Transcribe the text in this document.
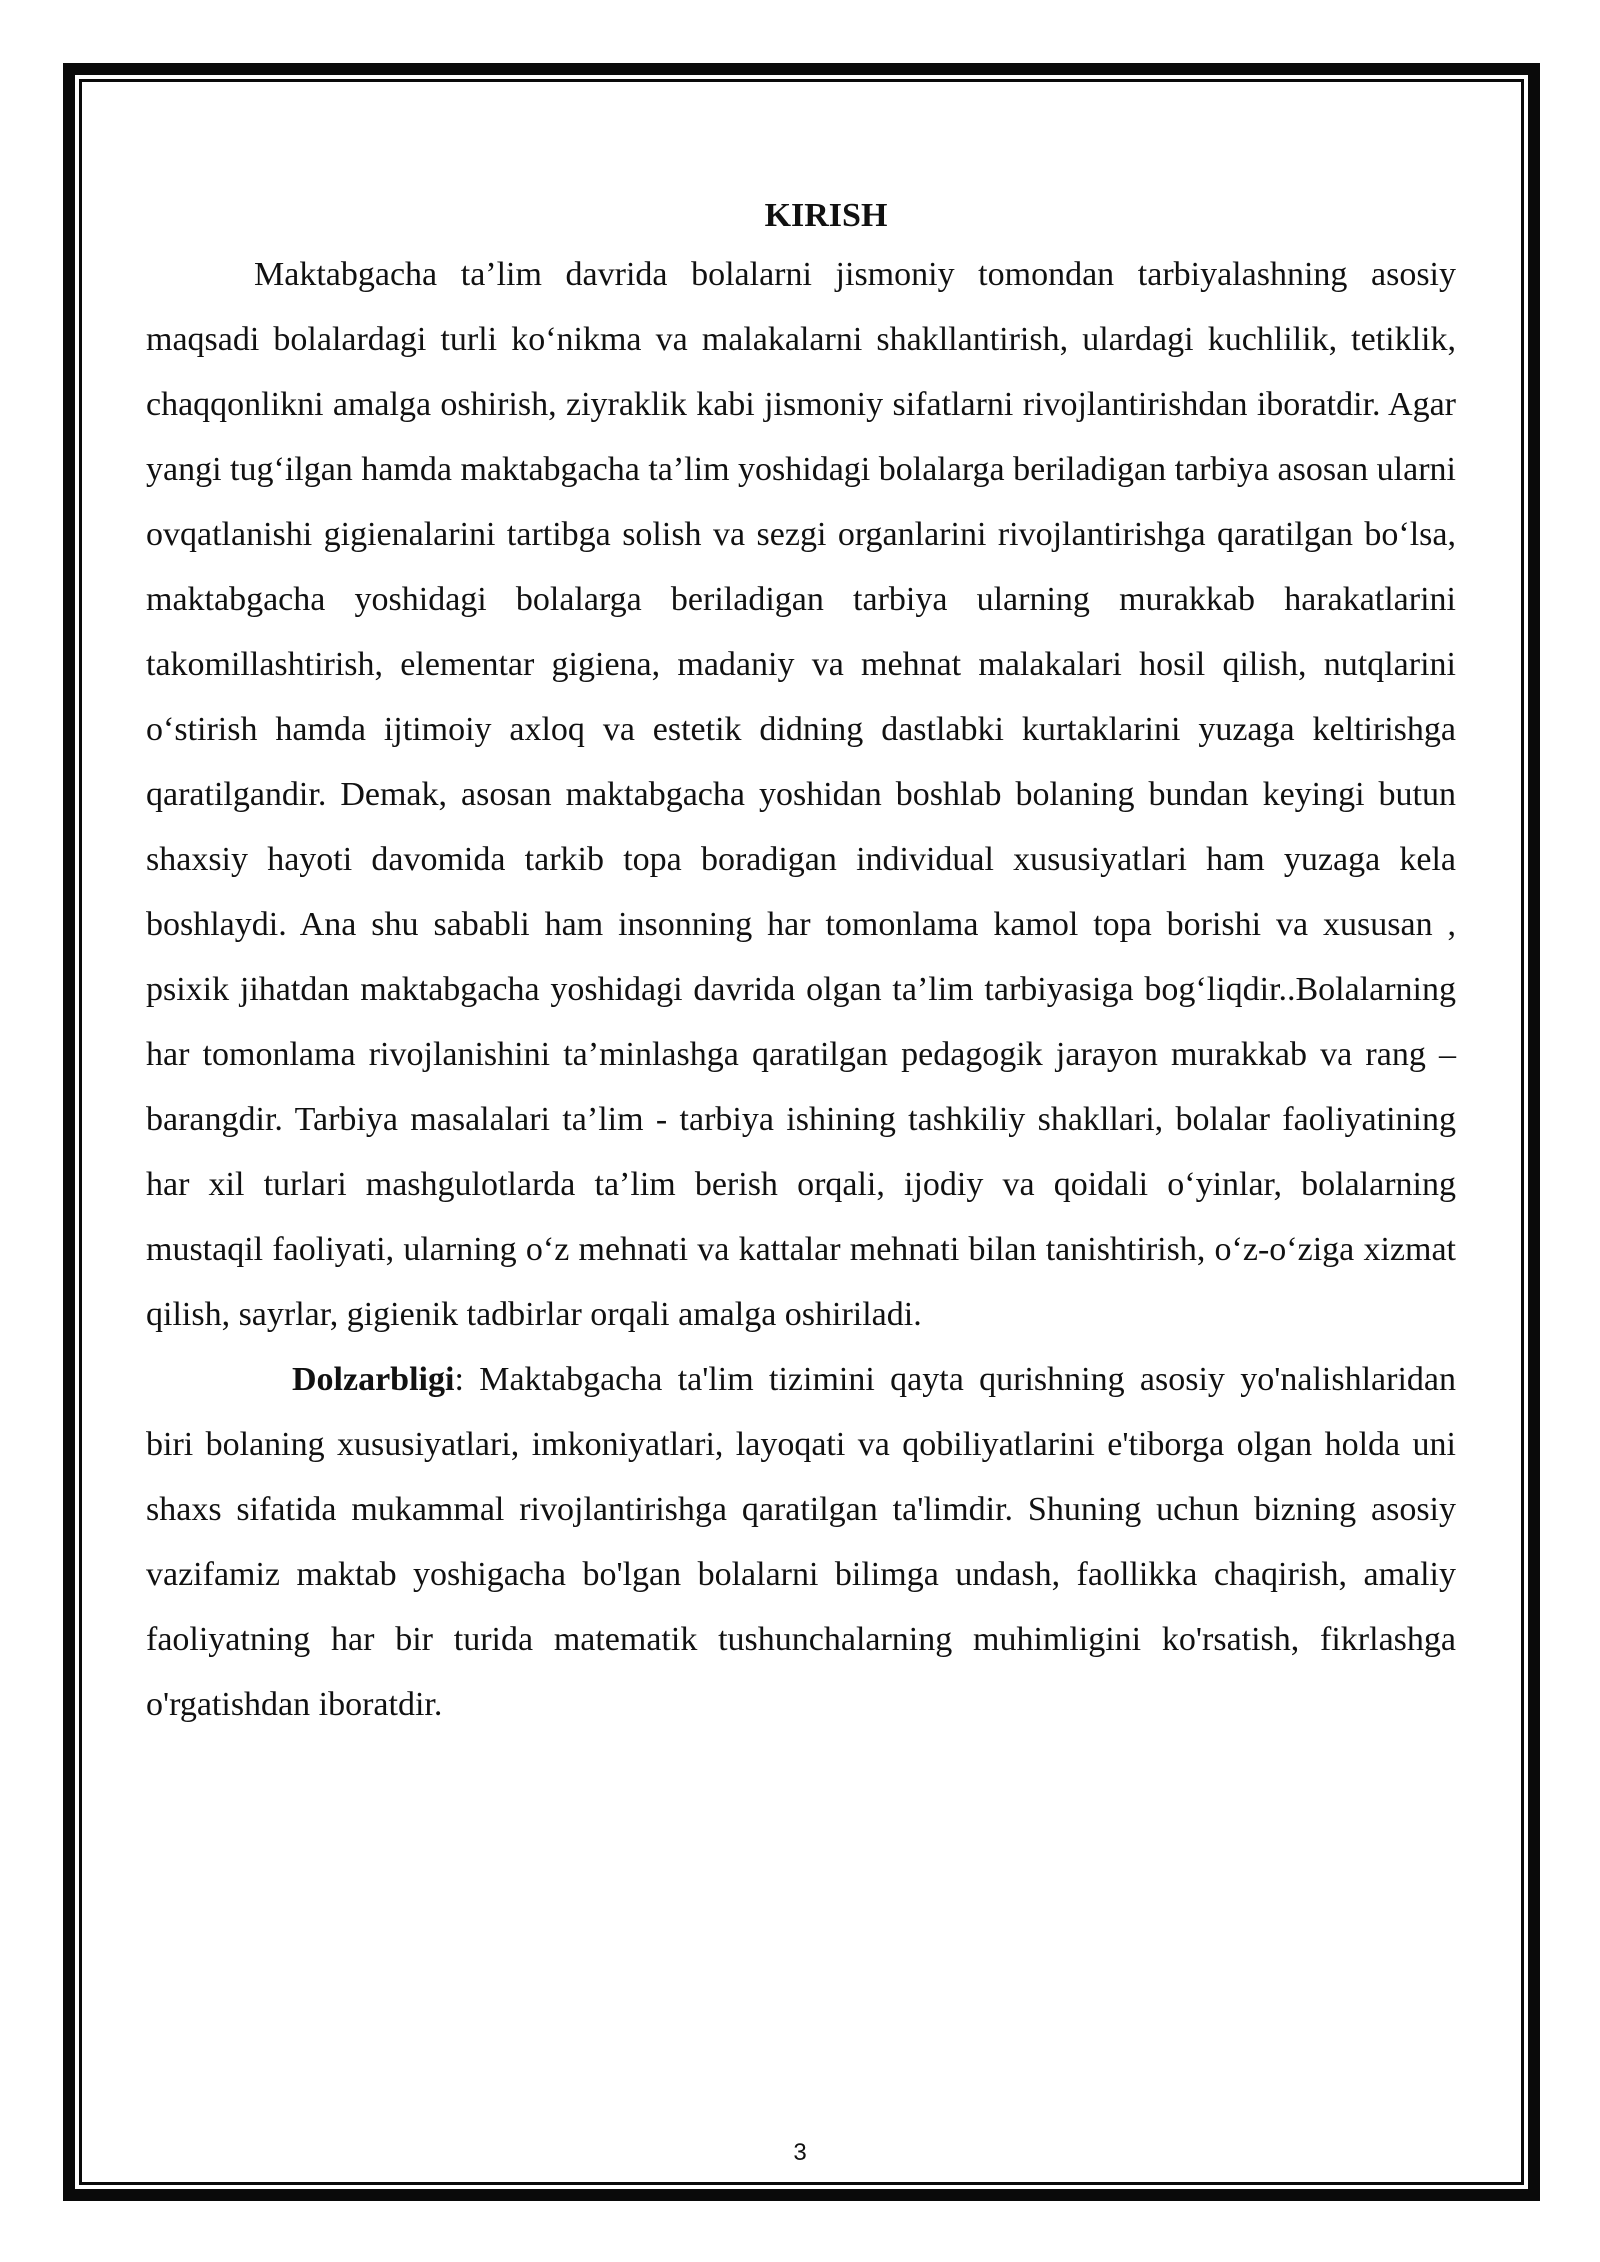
KIRISH

Maktabgacha ta’lim davrida bolalarni jismoniy tomondan tarbiyalashning asosiy maqsadi bolalardagi turli ko‘nikma va malakalarni shakllantirish, ulardagi kuchlilik, tetiklik, chaqqonlikni amalga oshirish, ziyraklik kabi jismoniy sifatlarni rivojlantirishdan iboratdir. Agar yangi tug‘ilgan hamda maktabgacha ta’lim yoshidagi bolalarga beriladigan tarbiya asosan ularni ovqatlanishi gigienalarini tartibga solish va sezgi organlarini rivojlantirishga qaratilgan bo‘lsa, maktabgacha yoshidagi bolalarga beriladigan tarbiya ularning murakkab harakatlarini takomillashtirish, elementar gigiena, madaniy va mehnat malakalari hosil qilish, nutqlarini o‘stirish hamda ijtimoiy axloq va estetik didning dastlabki kurtaklarini yuzaga keltirishga qaratilgandir. Demak, asosan maktabgacha yoshidan boshlab bolaning bundan keyingi butun shaxsiy hayoti davomida tarkib topa boradigan individual xususiyatlari ham yuzaga kela boshlaydi. Ana shu sababli ham insonning har tomonlama kamol topa borishi va xususan , psixik jihatdan maktabgacha yoshidagi davrida olgan ta’lim tarbiyasiga bog‘liqdir..Bolalarning har tomonlama rivojlanishini ta’minlashga qaratilgan pedagogik jarayon murakkab va rang – barangdir. Tarbiya masalalari ta’lim - tarbiya ishining tashkiliy shakllari, bolalar faoliyatining har xil turlari mashgulotlarda ta’lim berish orqali, ijodiy va qoidali o‘yinlar, bolalarning mustaqil faoliyati, ularning o‘z mehnati va kattalar mehnati bilan tanishtirish, o‘z-o‘ziga xizmat qilish, sayrlar, gigienik tadbirlar orqali amalga oshiriladi.

Dolzarbligi: Maktabgacha ta'lim tizimini qayta qurishning asosiy yo'nalishlaridan biri bolaning xususiyatlari, imkoniyatlari, layoqati va qobiliyatlarini e'tiborga olgan holda uni shaxs sifatida mukammal rivojlantirishga qaratilgan ta'limdir. Shuning uchun bizning asosiy vazifamiz maktab yoshigacha bo'lgan bolalarni bilimga undash, faollikka chaqirish, amaliy faoliyatning har bir turida matematik tushunchalarning muhimligini ko'rsatish, fikrlashga o'rgatishdan iboratdir.

3
